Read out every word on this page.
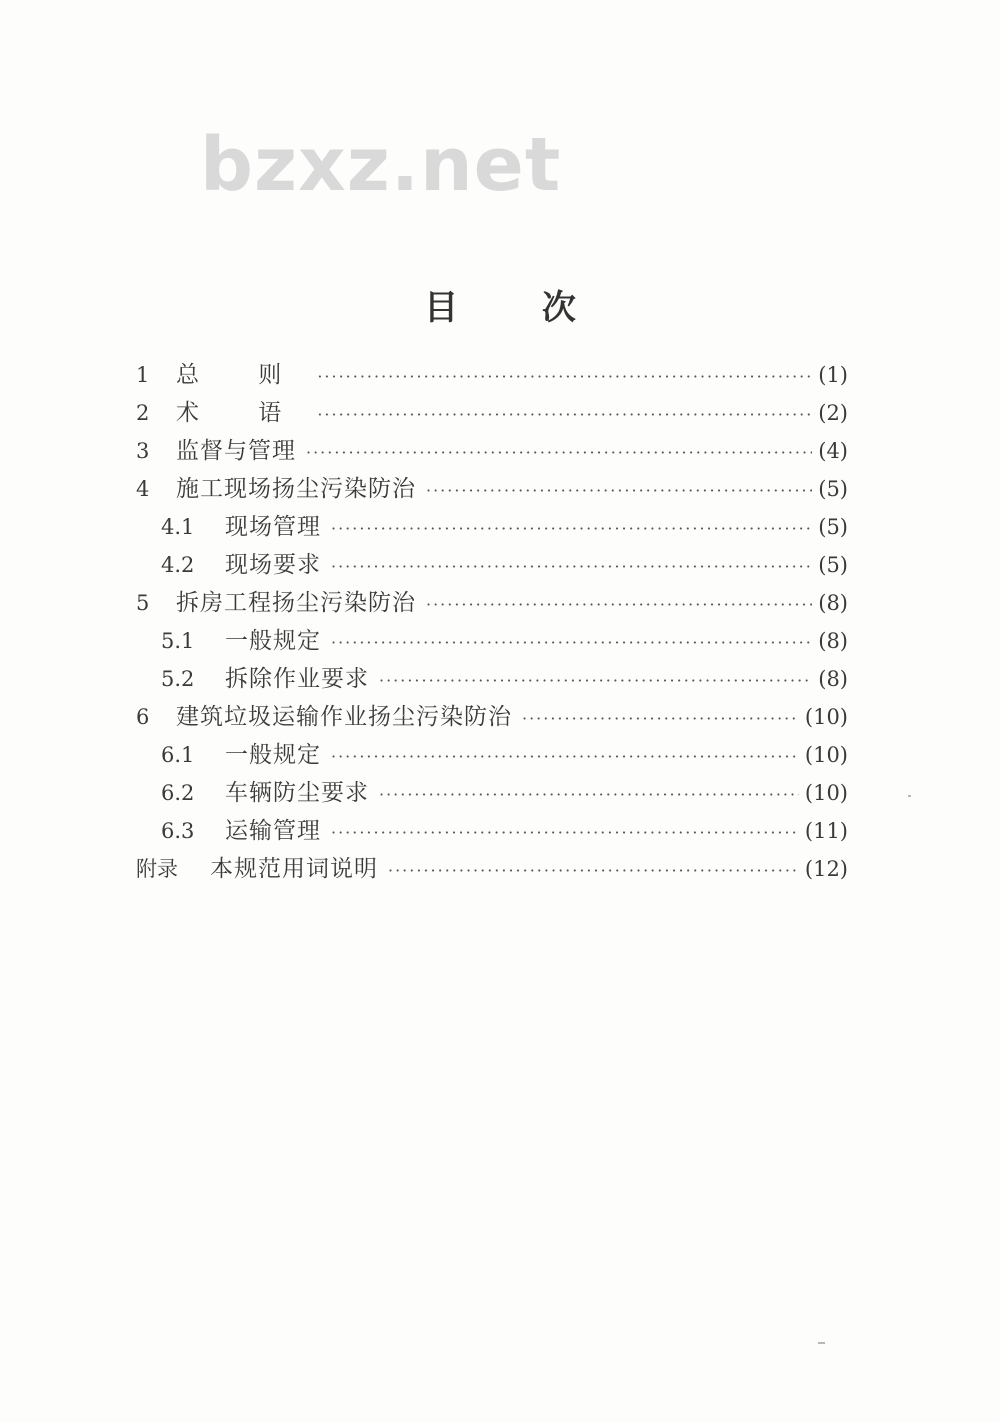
bzxz.net
目 次
1	总 则 ·····	(1)
2	术 语 ·····	(2)
3	监督与管理 ·····	(4)
4	施工现场扬尘污染防治 ·····	(5)
4.1	现场管理 ·····	(5)
4.2	现场要求 ·····	(5)
5	拆房工程扬尘污染防治 ·····	(8)
5.1	一般规定 ·····	(8)
5.2	拆除作业要求 ·····	(8)
6	建筑垃圾运输作业扬尘污染防治 ·····	(10)
6.1	一般规定 ·····	(10)
6.2	车辆防尘要求 ·····	(10)
6.3	运输管理 ·····	(11)
附录	本规范用词说明 ·····	(12)
